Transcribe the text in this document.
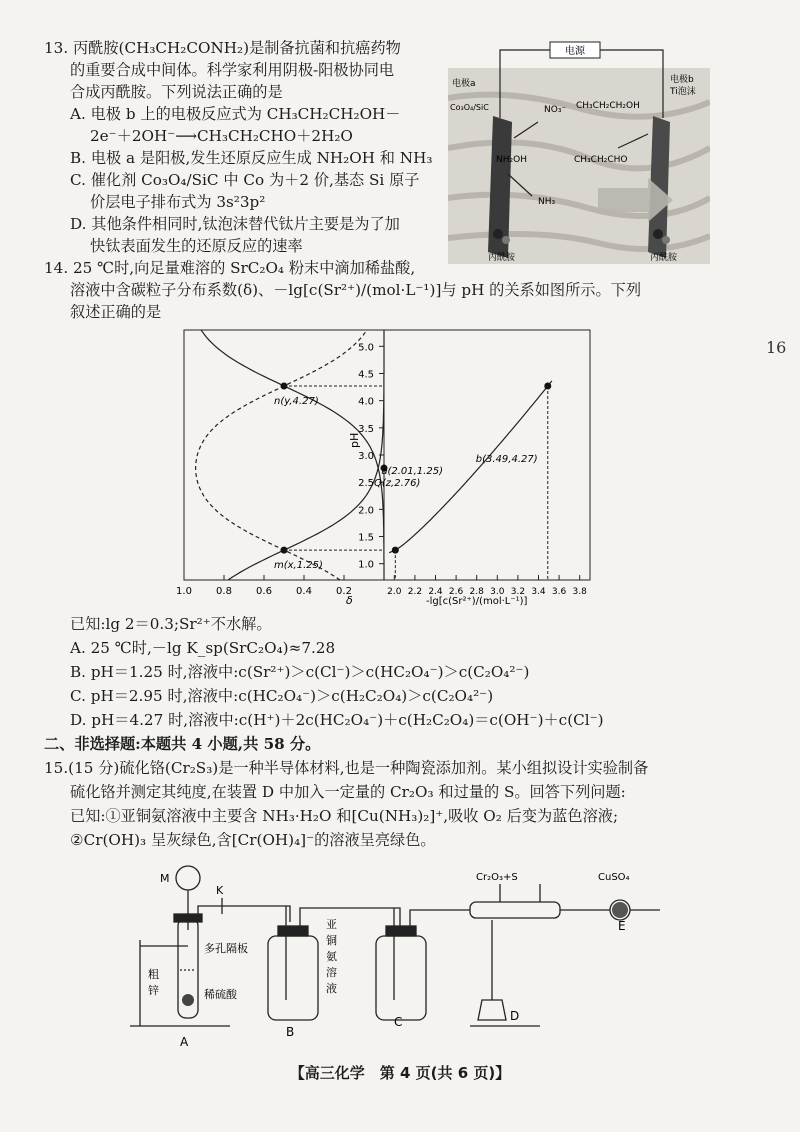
13. 丙酰胺(CH₃CH₂CONH₂)是制备抗菌和抗癌药物
的重要合成中间体。科学家利用阴极-阳极协同电
合成丙酰胺。下列说法正确的是
A. 电极 b 上的电极反应式为 CH₃CH₂CH₂OH－
2e⁻＋2OH⁻⟶CH₃CH₂CHO＋2H₂O
B. 电极 a 是阳极,发生还原反应生成 NH₂OH 和 NH₃
C. 催化剂 Co₃O₄/SiC 中 Co 为＋2 价,基态 Si 原子
价层电子排布式为 3s²3p²
D. 其他条件相同时,钛泡沫替代钛片主要是为了加
快钛表面发生的还原反应的速率
电源
电极a
Co₃O₄/SiC
电极b
Ti泡沫
NO₃⁻
NH₂OH
NH₃
CH₃CH₂CH₂OH
CH₃CH₂CHO
丙酰胺	丙酰胺
14. 25 ℃时,向足量难溶的 SrC₂O₄ 粉末中滴加稀盐酸,
溶液中含碳粒子分布系数(δ)、－lg[c(Sr²⁺)/(mol·L⁻¹)]与 pH 的关系如图所示。下列
叙述正确的是
16
1.0
1.5
2.0
2.5
3.0
3.5
4.0
4.5
5.0
1.0 0.8 0.6 0.4 0.2	2.0 2.2 2.4 2.6 2.8 3.0 3.2 3.4 3.6 3.8
n(y,4.27)
Q(z,2.76)
m(x,1.25)
a(2.01,1.25)
b(3.49,4.27)
δ	-lg[c(Sr²⁺)/(mol·L⁻¹)]
pH
已知:lg 2＝0.3;Sr²⁺不水解。
A. 25 ℃时,－lg K_sp(SrC₂O₄)≈7.28
B. pH＝1.25 时,溶液中:c(Sr²⁺)＞c(Cl⁻)＞c(HC₂O₄⁻)＞c(C₂O₄²⁻)
C. pH＝2.95 时,溶液中:c(HC₂O₄⁻)＞c(H₂C₂O₄)＞c(C₂O₄²⁻)
D. pH＝4.27 时,溶液中:c(H⁺)＋2c(HC₂O₄⁻)＋c(H₂C₂O₄)＝c(OH⁻)＋c(Cl⁻)
二、非选择题:本题共 4 小题,共 58 分。
15.(15 分)硫化铬(Cr₂S₃)是一种半导体材料,也是一种陶瓷添加剂。某小组拟设计实验制备
硫化铬并测定其纯度,在装置 D 中加入一定量的 Cr₂O₃ 和过量的 S。回答下列问题:
已知:①亚铜氨溶液中主要含 NH₃·H₂O 和[Cu(NH₃)₂]⁺,吸收 O₂ 后变为蓝色溶液;
②Cr(OH)₃ 呈灰绿色,含[Cr(OH)₄]⁻的溶液呈亮绿色。
M
K
多孔隔板
粗
锌	稀硫酸
亚
铜
氨
溶
液
Cr₂O₃+S	CuSO₄
A
B
C	D
E
【高三化学　第 4 页(共 6 页)】
